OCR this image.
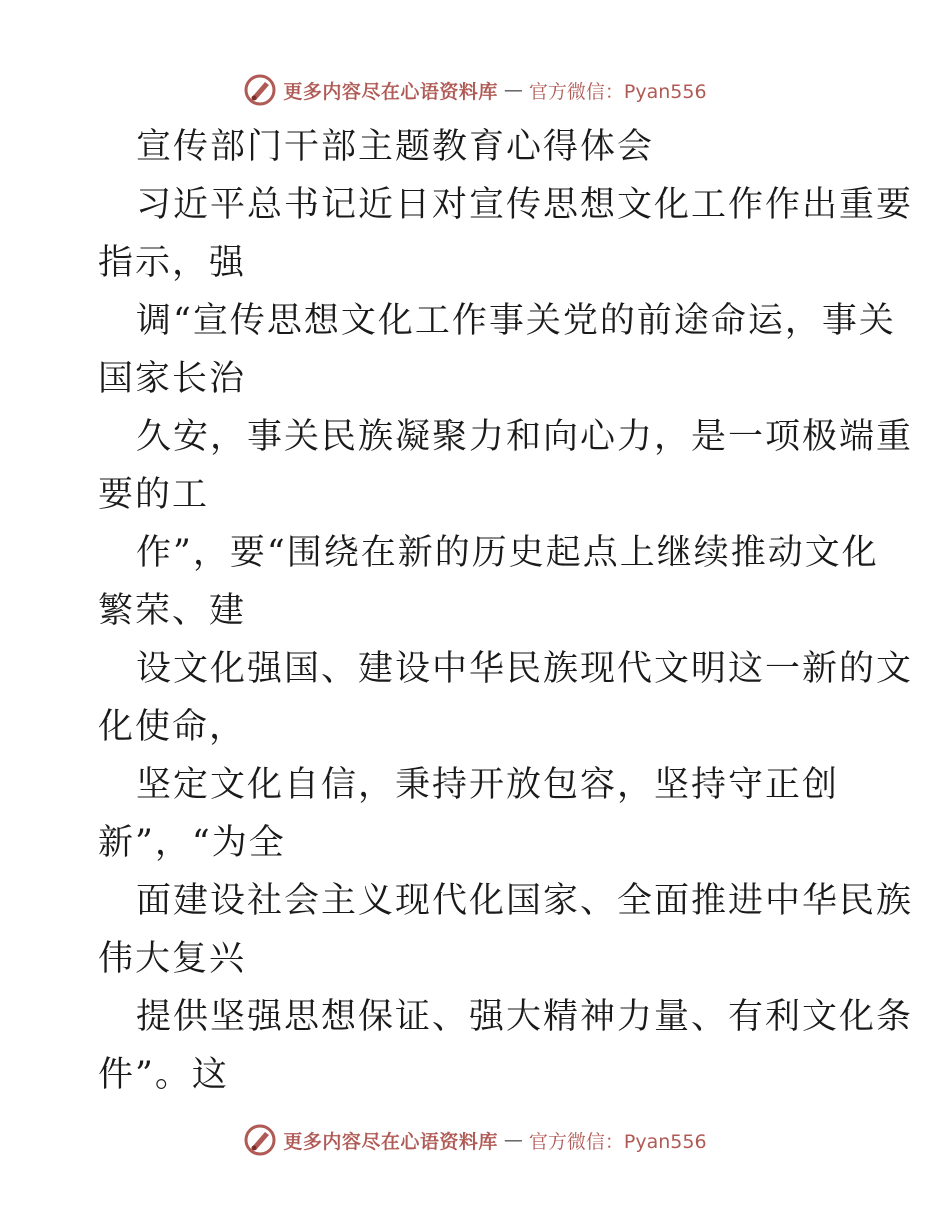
更多内容尽在心语资料库 — 官方微信：Pyan556
宣传部门干部主题教育心得体会
习近平总书记近日对宣传思想文化工作作出重要
指示，强
调“宣传思想文化工作事关党的前途命运，事关
国家长治
久安，事关民族凝聚力和向心力，是一项极端重
要的工
作”，要“围绕在新的历史起点上继续推动文化
繁荣、建
设文化强国、建设中华民族现代文明这一新的文
化使命，
坚定文化自信，秉持开放包容，坚持守正创
新”，“为全
面建设社会主义现代化国家、全面推进中华民族
伟大复兴
提供坚强思想保证、强大精神力量、有利文化条
件”。这
更多内容尽在心语资料库 — 官方微信：Pyan556
